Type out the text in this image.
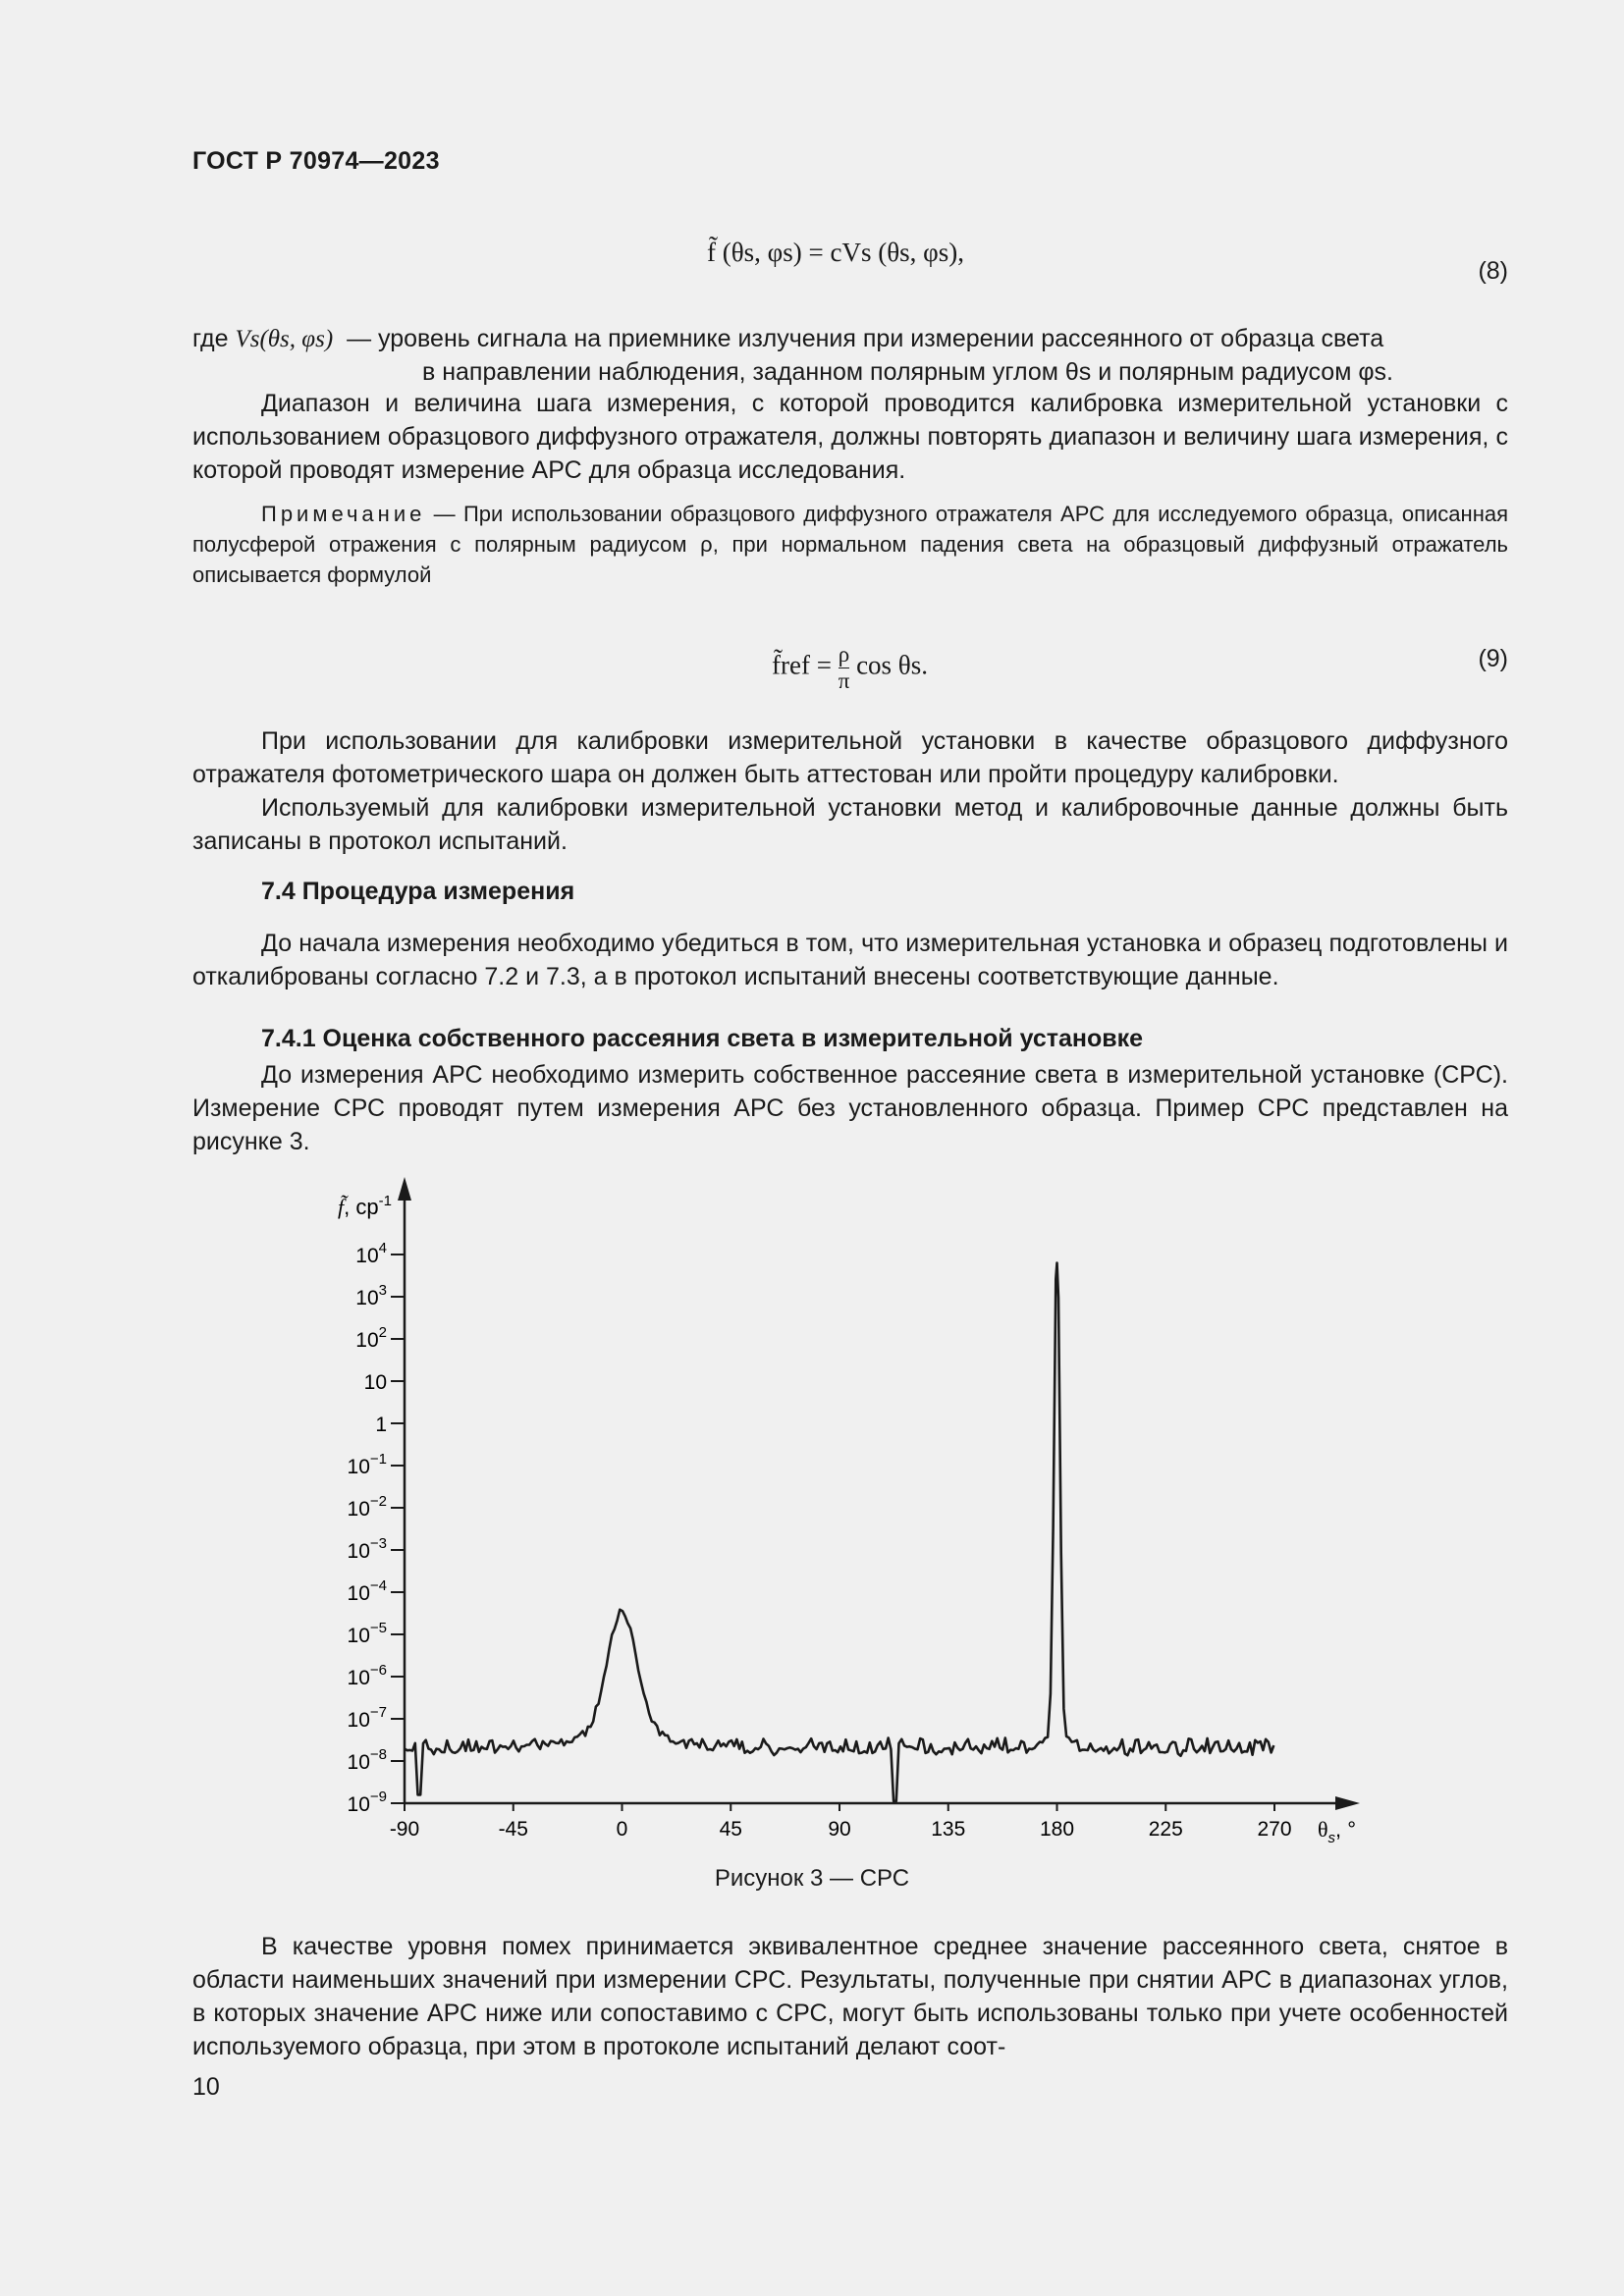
ГОСТ Р 70974—2023
f̃ (θs, φs) = cVs (θs, φs),
(8)
где Vs(θs, φs) — уровень сигнала на приемнике излучения при измерении рассеянного от образца света
в направлении наблюдения, заданном полярным углом θs и полярным радиусом φs.
Диапазон и величина шага измерения, с которой проводится калибровка измерительной установки с использованием образцового диффузного отражателя, должны повторять диапазон и величину шага измерения, с которой проводят измерение АРС для образца исследования.
Примечание — При использовании образцового диффузного отражателя АРС для исследуемого образца, описанная полусферой отражения с полярным радиусом ρ, при нормальном падения света на образцовый диффузный отражатель описывается формулой
f̃ref = $\frac{\rho}{\pi}$ cos θs.	(9)
При использовании для калибровки измерительной установки в качестве образцового диффузного отражателя фотометрического шара он должен быть аттестован или пройти процедуру калибровки.
Используемый для калибровки измерительной установки метод и калибровочные данные должны быть записаны в протокол испытаний.
7.4 Процедура измерения
До начала измерения необходимо убедиться в том, что измерительная установка и образец подготовлены и откалиброваны согласно 7.2 и 7.3, а в протокол испытаний внесены соответствующие данные.
7.4.1 Оценка собственного рассеяния света в измерительной установке
До измерения АРС необходимо измерить собственное рассеяние света в измерительной установке (СРС). Измерение СРС проводят путем измерения АРС без установленного образца. Пример СРС представлен на рисунке 3.
f̃, $ср^{-1}$
$\theta_s$, °
$10^4$
$10^3$
$10^2$
10
1
$10^{-1}$
$10^{-2}$
$10^{-3}$
$10^{-4}$
$10^{-5}$
$10^{-6}$
$10^{-7}$
$10^{-8}$
$10^{-9}$
-90	-45	0	45	90	135	180	225	270
Рисунок 3 — СРС
В качестве уровня помех принимается эквивалентное среднее значение рассеянного света, снятое в области наименьших значений при измерении СРС. Результаты, полученные при снятии АРС в диапазонах углов, в которых значение АРС ниже или сопоставимо с СРС, могут быть использованы только при учете особенностей используемого образца, при этом в протоколе испытаний делают соот-
10
